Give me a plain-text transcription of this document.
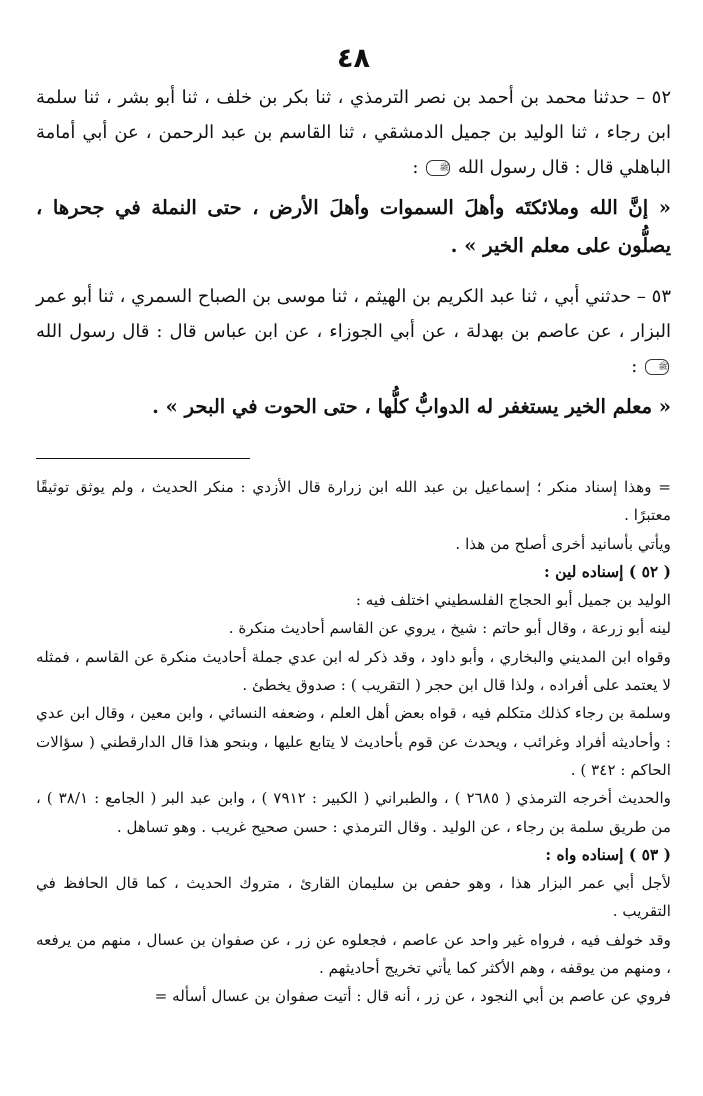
٤٨

٥٢ – حدثنا محمد بن أحمد بن نصر الترمذي ، ثنا بكر بن خلف ، ثنا أبو بشر ، ثنا سلمة ابن رجاء ، ثنا الوليد بن جميل الدمشقي ، ثنا القاسم بن عبد الرحمن ، عن أبي أمامة الباهلي قال : قال رسول الله ﷺ :

« إنَّ الله وملائكتَه وأهلَ السموات وأهلَ الأرض ، حتى النملة في جحرها ، يصلُّون على معلم الخير » .

٥٣ – حدثني أبي ، ثنا عبد الكريم بن الهيثم ، ثنا موسى بن الصباح السمري ، ثنا أبو عمر البزار ، عن عاصم بن بهدلة ، عن أبي الجوزاء ، عن ابن عباس قال : قال رسول الله ﷺ :

« معلم الخير يستغفر له الدوابُّ كلُّها ، حتى الحوت في البحر » .

= وهذا إسناد منكر ؛ إسماعيل بن عبد الله ابن زرارة قال الأزدي : منكر الحديث ، ولم يوثق توثيقًا معتبرًا .

ويأتي بأسانيد أخرى أصلح من هذا .

( ٥٢ ) إسناده لين :

الوليد بن جميل أبو الحجاج الفلسطيني اختلف فيه :

لينه أبو زرعة ، وقال أبو حاتم : شيخ ، يروي عن القاسم أحاديث منكرة .

وقواه ابن المديني والبخاري ، وأبو داود ، وقد ذكر له ابن عدي جملة أحاديث منكرة عن القاسم ، فمثله لا يعتمد على أفراده ، ولذا قال ابن حجر ( التقريب ) : صدوق يخطئ .

وسلمة بن رجاء كذلك متكلم فيه ، قواه بعض أهل العلم ، وضعفه النسائي ، وابن معين ، وقال ابن عدي : وأحاديثه أفراد وغرائب ، ويحدث عن قوم بأحاديث لا يتابع عليها ، وبنحو هذا قال الدارقطني ( سؤالات الحاكم : ٣٤٢ ) .

والحديث أخرجه الترمذي ( ٢٦٨٥ ) ، والطبراني ( الكبير : ٧٩١٢ ) ، وابن عبد البر ( الجامع : ٣٨/١ ) ، من طريق سلمة بن رجاء ، عن الوليد . وقال الترمذي : حسن صحيح غريب . وهو تساهل .

( ٥٣ ) إسناده واه :

لأجل أبي عمر البزار هذا ، وهو حفص بن سليمان القارئ ، متروك الحديث ، كما قال الحافظ في التقريب .

وقد خولف فيه ، فرواه غير واحد عن عاصم ، فجعلوه عن زر ، عن صفوان بن عسال ، منهم من يرفعه ، ومنهم من يوقفه ، وهم الأكثر كما يأتي تخريج أحاديثهم .

فروي عن عاصم بن أبي النجود ، عن زر ، أنه قال : أتيت صفوان بن عسال أسأله =
